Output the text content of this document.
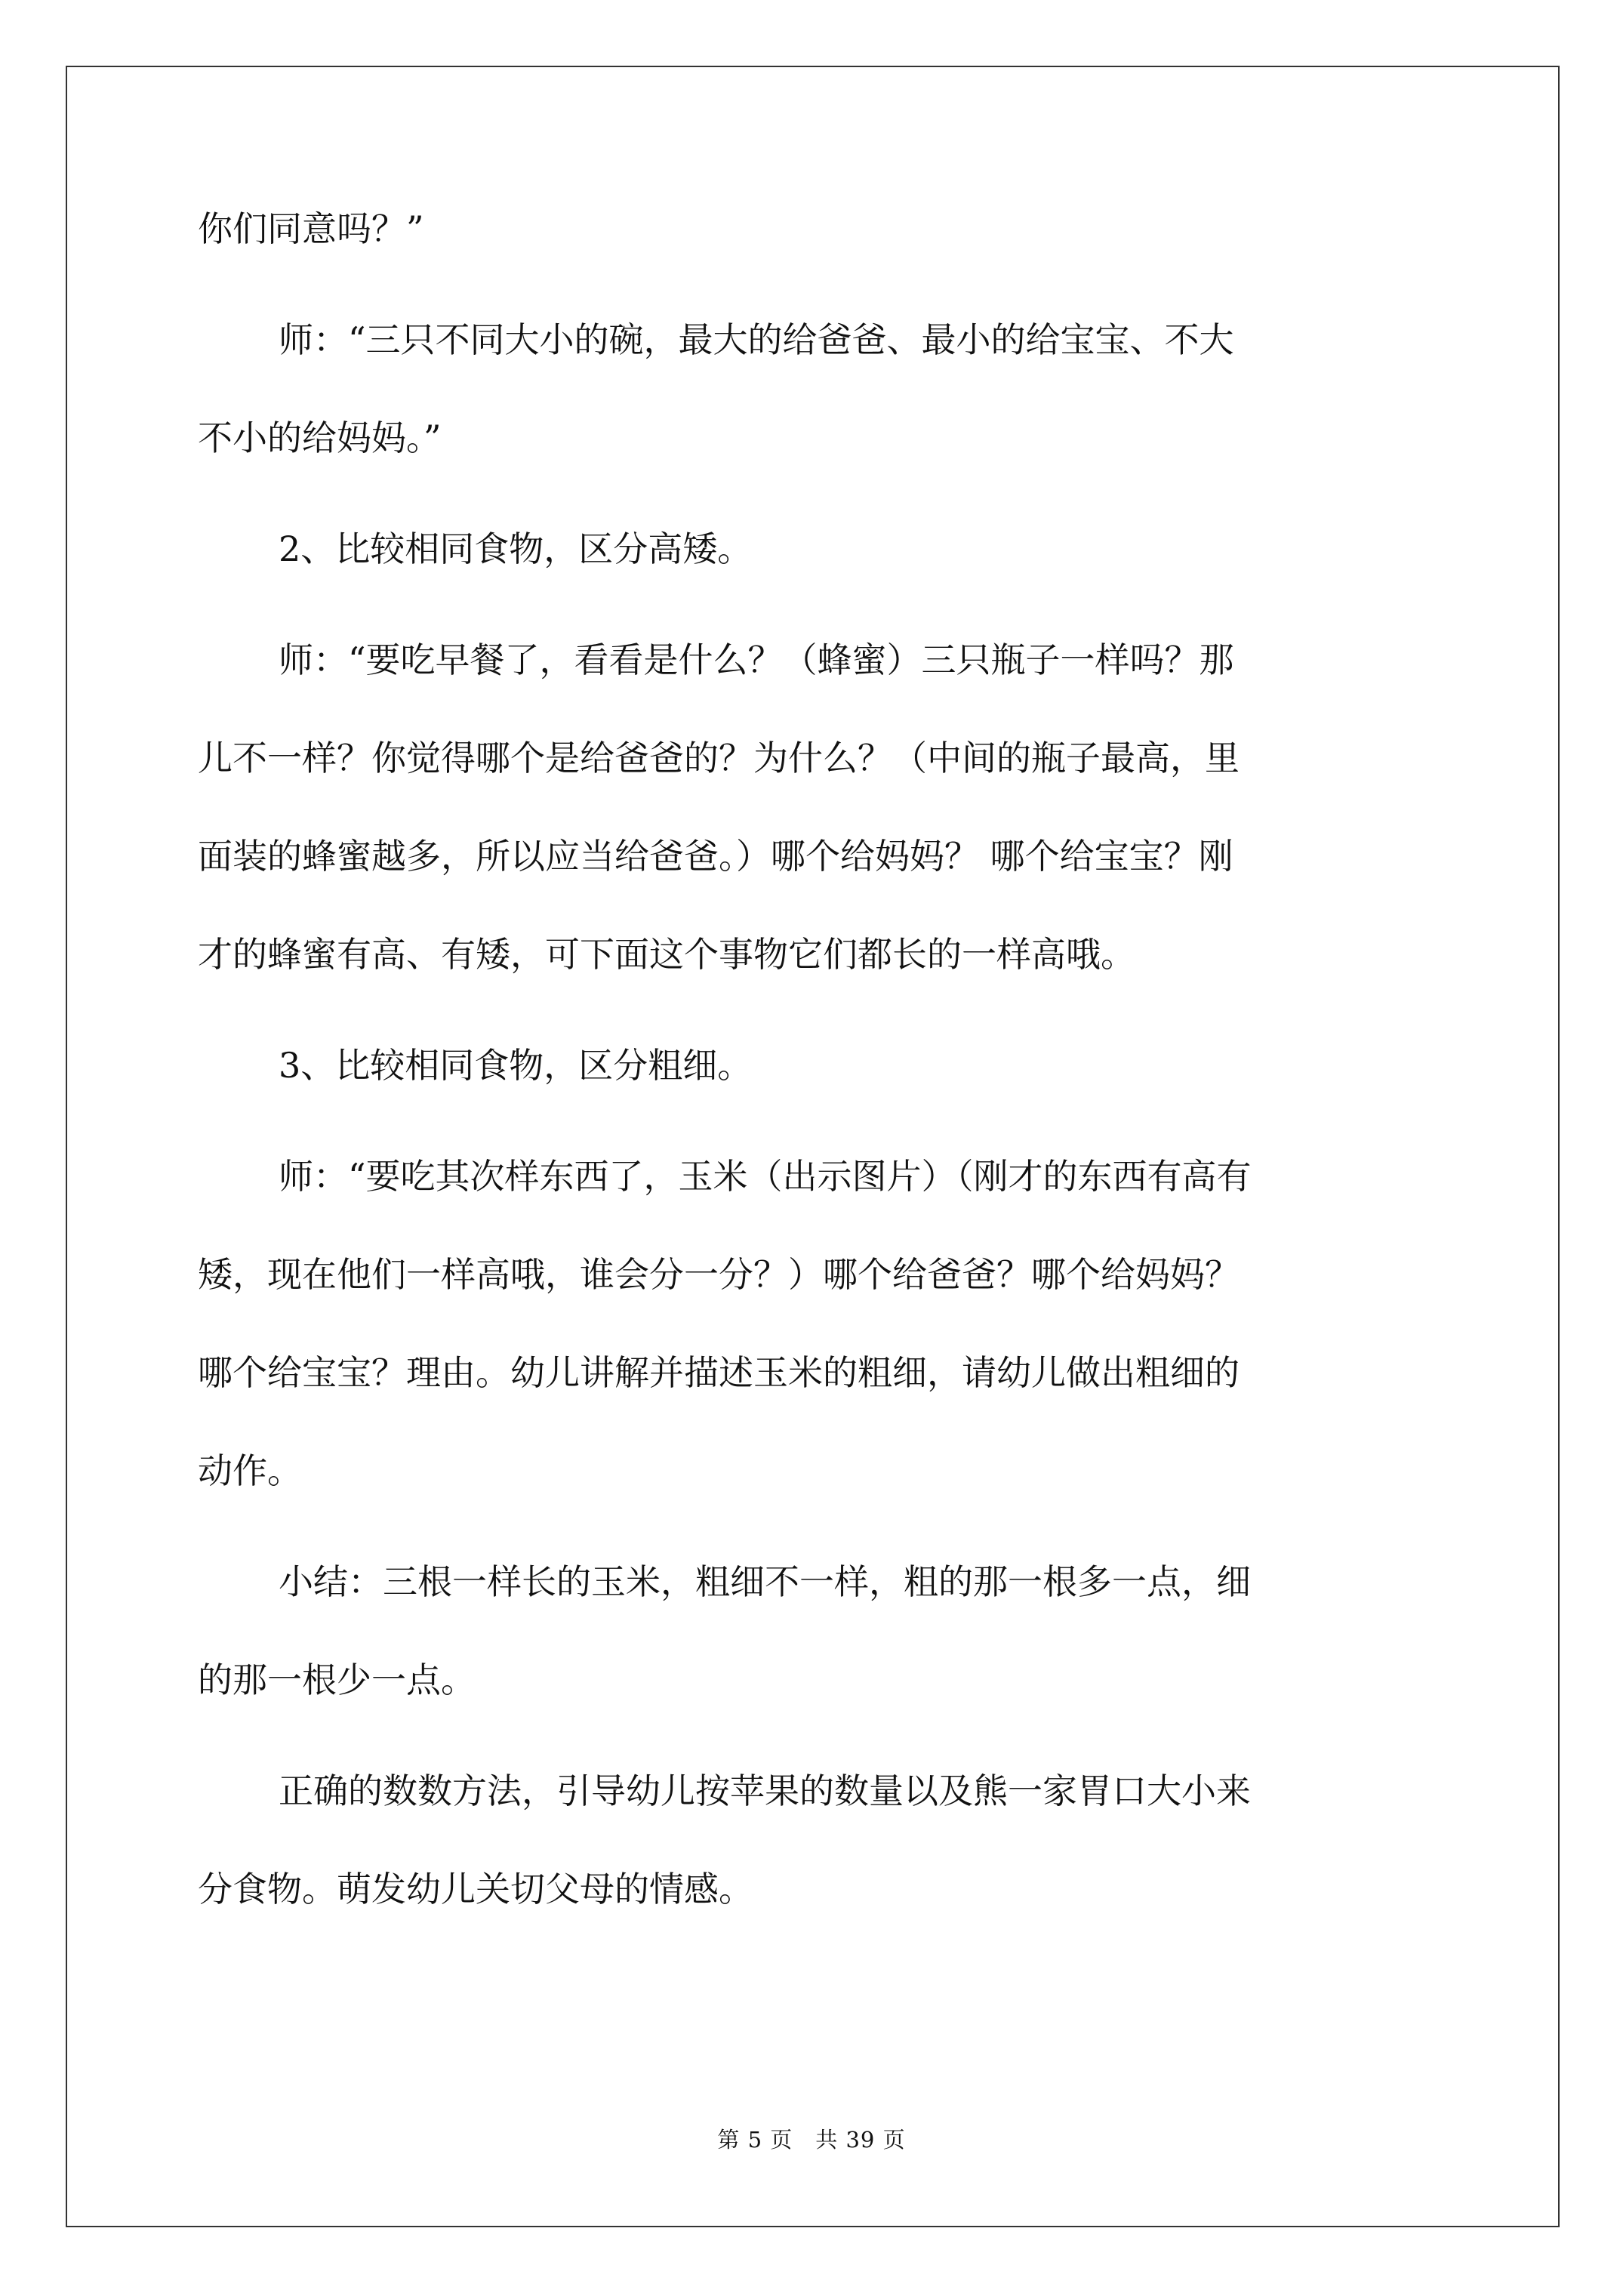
你们同意吗？”
师：“三只不同大小的碗，最大的给爸爸、最小的给宝宝、不大
不小的给妈妈。”
2、比较相同食物，区分高矮。
师：“要吃早餐了，看看是什么？（蜂蜜）三只瓶子一样吗？那
儿不一样？你觉得哪个是给爸爸的？为什么？（中间的瓶子最高，里
面装的蜂蜜越多，所以应当给爸爸。）哪个给妈妈？ 哪个给宝宝？刚
才的蜂蜜有高、有矮，可下面这个事物它们都长的一样高哦。
3、比较相同食物，区分粗细。
师：“要吃其次样东西了，玉米（出示图片）（刚才的东西有高有
矮，现在他们一样高哦，谁会分一分？）哪个给爸爸？哪个给妈妈？
哪个给宝宝？理由。幼儿讲解并描述玉米的粗细，请幼儿做出粗细的
动作。
小结：三根一样长的玉米，粗细不一样，粗的那一根多一点，细
的那一根少一点。
正确的数数方法，引导幼儿按苹果的数量以及熊一家胃口大小来
分食物。萌发幼儿关切父母的情感。
第 5 页　共 39 页
